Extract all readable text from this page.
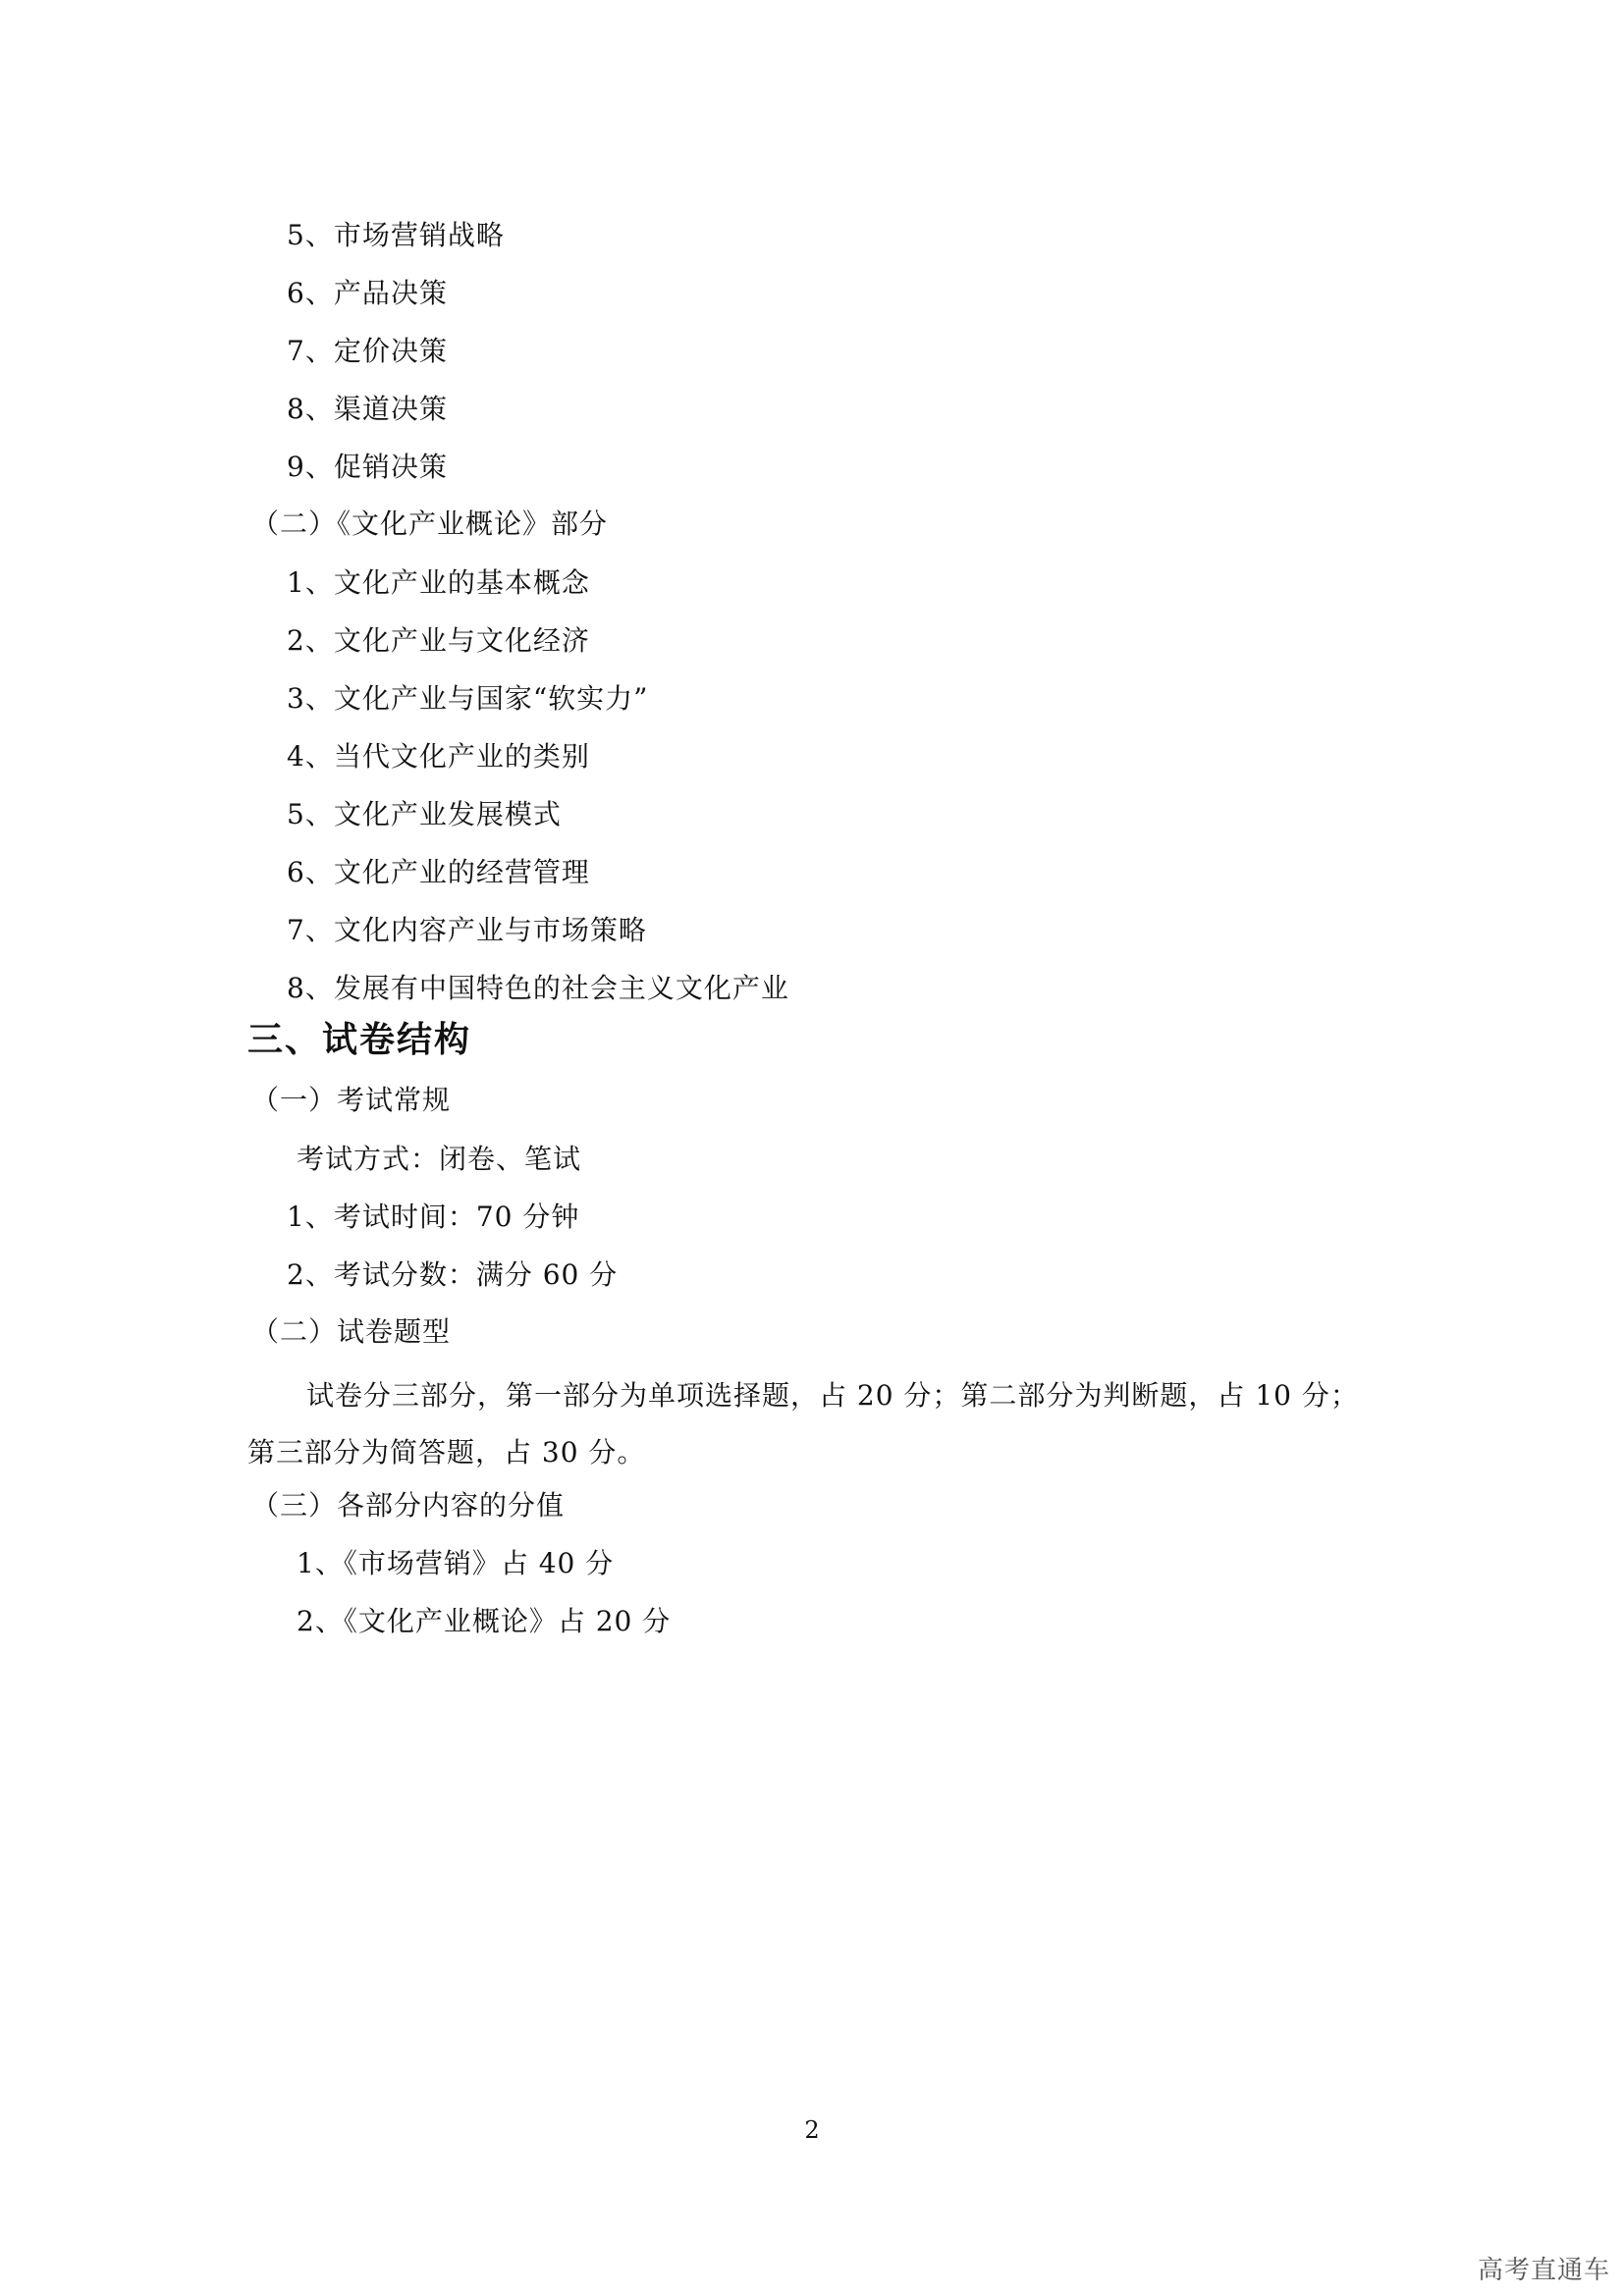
5、市场营销战略
6、产品决策
7、定价决策
8、渠道决策
9、促销决策
（二）《文化产业概论》部分
1、文化产业的基本概念
2、文化产业与文化经济
3、文化产业与国家“软实力”
4、当代文化产业的类别
5、文化产业发展模式
6、文化产业的经营管理
7、文化内容产业与市场策略
8、发展有中国特色的社会主义文化产业
三、试卷结构
（一）考试常规
考试方式：闭卷、笔试
1、考试时间：70 分钟
2、考试分数：满分 60 分
（二）试卷题型
试卷分三部分，第一部分为单项选择题，占 20 分；第二部分为判断题，占 10 分；第三部分为简答题，占 30 分。
（三）各部分内容的分值
1、《市场营销》占 40 分
2、《文化产业概论》占 20 分
2
高考直通车
